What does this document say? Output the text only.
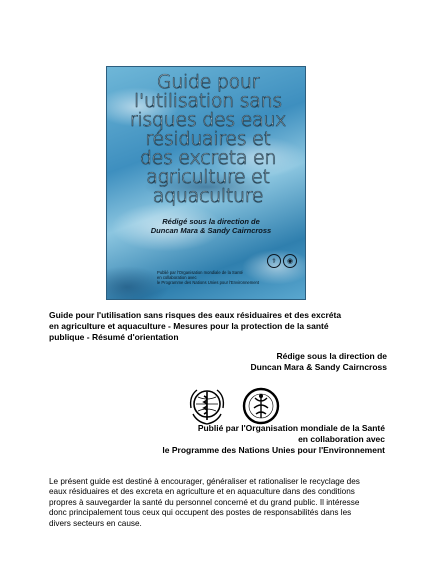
Guide pour
l'utilisation sans
risques des eaux
résiduaires et
des excreta en
agriculture et
aquaculture
Rédigé sous la direction de
Duncan Mara & Sandy Cairncross
Publié par l'Organisation mondiale de la Santé
en collaboration avec
le Programme des Nations Unies pour l'Environnement
⚕	◉
Guide pour l'utilisation sans risques des eaux résiduaires et des excréta
en agriculture et aquaculture - Mesures pour la protection de la santé
publique - Résumé d'orientation
Rédige sous la direction de
Duncan Mara & Sandy Cairncross
Publié par l'Organisation mondiale de la Santé
en collaboration avec
le Programme des Nations Unies pour l'Environnement
Le présent guide est destiné à encourager, généraliser et rationaliser le recyclage des
eaux résiduaires et des excreta en agriculture et en aquaculture dans des conditions
propres à sauvegarder la santé du personnel concerné et du grand public. Il intéresse
donc principalement tous ceux qui occupent des postes de responsabilités dans les
divers secteurs en cause.
